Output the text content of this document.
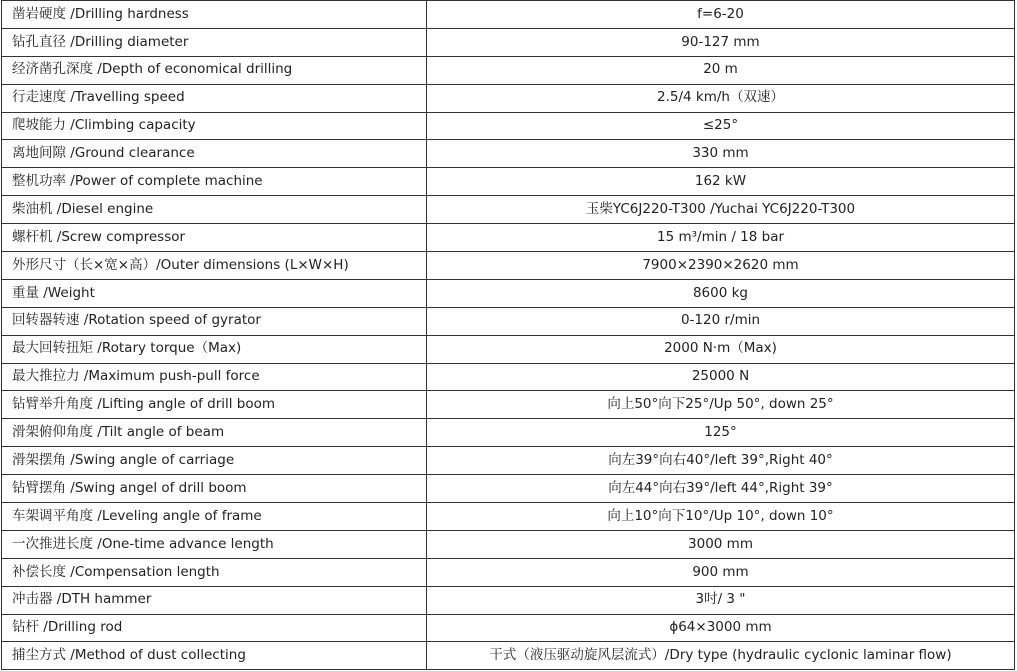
凿岩硬度 /Drilling hardness	f=6-20
钻孔直径 /Drilling diameter	90-127 mm
经济凿孔深度 /Depth of economical drilling	20 m
行走速度 /Travelling speed	2.5/4 km/h（双速）
爬坡能力 /Climbing capacity	≤25°
离地间隙 /Ground clearance	330 mm
整机功率 /Power of complete machine	162 kW
柴油机 /Diesel engine	玉柴YC6J220-T300 /Yuchai YC6J220-T300
螺杆机 /Screw compressor	15 m³/min / 18 bar
外形尺寸（长×宽×高）/Outer dimensions (L×W×H)	7900×2390×2620 mm
重量 /Weight	8600 kg
回转器转速 /Rotation speed of gyrator	0-120 r/min
最大回转扭矩 /Rotary torque（Max)	2000 N·m（Max)
最大推拉力 /Maximum push-pull force	25000 N
钻臂举升角度 /Lifting angle of drill boom	向上50°向下25°/Up 50°, down 25°
滑架俯仰角度 /Tilt angle of beam	125°
滑架摆角 /Swing angle of carriage	向左39°向右40°/left 39°,Right 40°
钻臂摆角 /Swing angel of drill boom	向左44°向右39°/left 44°,Right 39°
车架调平角度 /Leveling angle of frame	向上10°向下10°/Up 10°, down 10°
一次推进长度 /One-time advance length	3000 mm
补偿长度 /Compensation length	900 mm
冲击器 /DTH hammer	3吋/ 3 "
钻杆 /Drilling rod	ϕ64×3000 mm
捕尘方式 /Method of dust collecting	干式（液压驱动旋风层流式）/Dry type (hydraulic cyclonic laminar flow)
